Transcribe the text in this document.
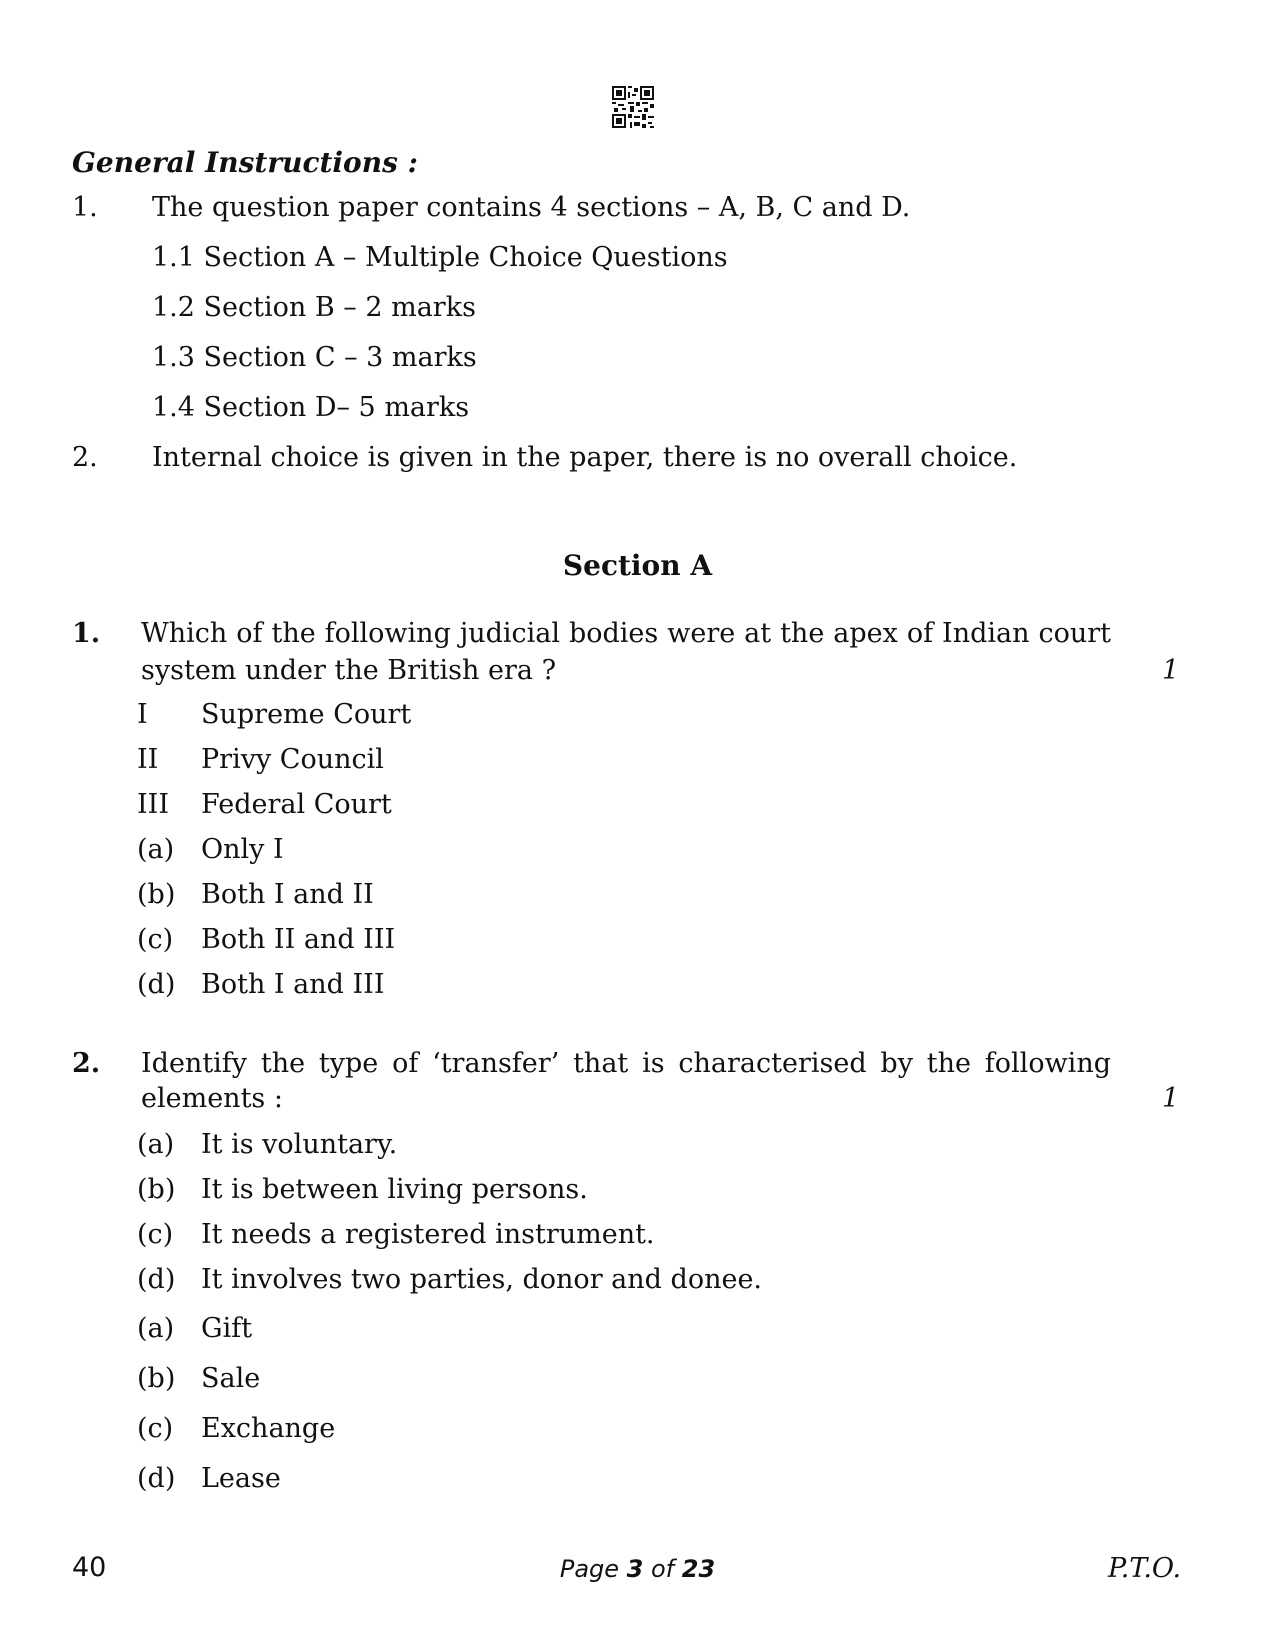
General Instructions :
1. The question paper contains 4 sections – A, B, C and D.
1.1 Section A – Multiple Choice Questions
1.2 Section B – 2 marks
1.3 Section C – 3 marks
1.4 Section D– 5 marks
2. Internal choice is given in the paper, there is no overall choice.
Section A
1. Which of the following judicial bodies were at the apex of Indian court
system under the British era ?	1
I Supreme Court
II Privy Council
III Federal Court
(a) Only I
(b) Both I and II
(c) Both II and III
(d) Both I and III
2. Identify the type of ‘transfer’ that is characterised by the following
elements :	1
(a) It is voluntary.
(b) It is between living persons.
(c) It needs a registered instrument.
(d) It involves two parties, donor and donee.
(a) Gift
(b) Sale
(c) Exchange
(d) Lease
40	Page 3 of 23	P.T.O.
